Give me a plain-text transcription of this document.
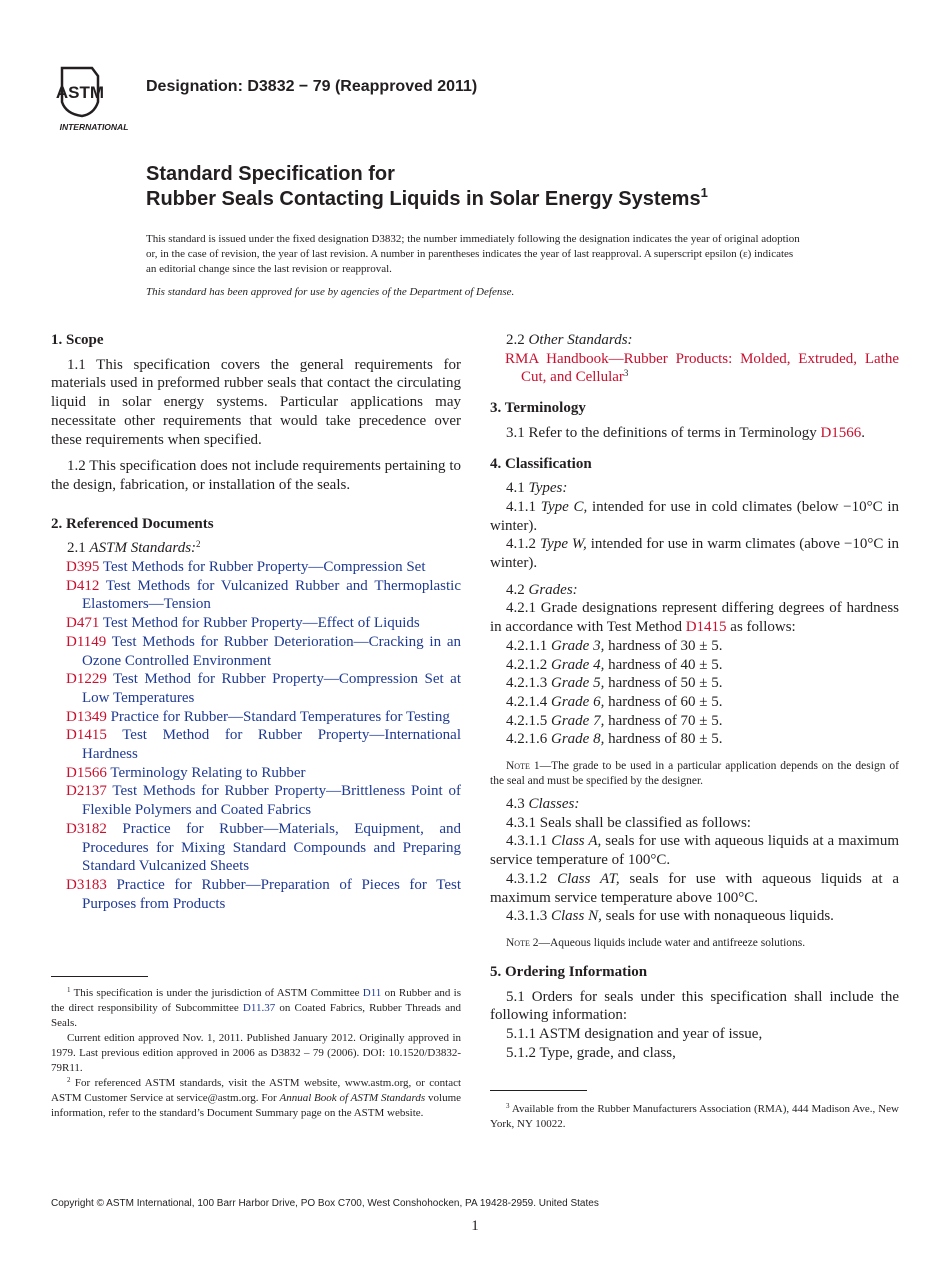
ASTM
INTERNATIONAL
Designation: D3832 − 79 (Reapproved 2011)
Standard Specification for
Rubber Seals Contacting Liquids in Solar Energy Systems$^1$

This standard is issued under the fixed designation D3832; the number immediately following the designation indicates the year of original adoption or, in the case of revision, the year of last revision. A number in parentheses indicates the year of last reapproval. A superscript epsilon (ε) indicates an editorial change since the last revision or reapproval.

This standard has been approved for use by agencies of the Department of Defense.

1. Scope

1.1 This specification covers the general requirements for materials used in preformed rubber seals that contact the circulating liquid in solar energy systems. Particular applications may necessitate other requirements that would take precedence over these requirements when specified.

1.2 This specification does not include requirements pertaining to the design, fabrication, or installation of the seals.

2. Referenced Documents

2.1 ASTM Standards:$^2$

D395 Test Methods for Rubber Property—Compression Set

D412 Test Methods for Vulcanized Rubber and Thermoplastic Elastomers—Tension

D471 Test Method for Rubber Property—Effect of Liquids

D1149 Test Methods for Rubber Deterioration—Cracking in an Ozone Controlled Environment

D1229 Test Method for Rubber Property—Compression Set at Low Temperatures

D1349 Practice for Rubber—Standard Temperatures for Testing

D1415 Test Method for Rubber Property—International Hardness

D1566 Terminology Relating to Rubber

D2137 Test Methods for Rubber Property—Brittleness Point of Flexible Polymers and Coated Fabrics

D3182 Practice for Rubber—Materials, Equipment, and Procedures for Mixing Standard Compounds and Preparing Standard Vulcanized Sheets

D3183 Practice for Rubber—Preparation of Pieces for Test Purposes from Products

2.2 Other Standards:

RMA Handbook—Rubber Products: Molded, Extruded, Lathe Cut, and Cellular$^3$

3. Terminology

3.1 Refer to the definitions of terms in Terminology D1566.

4. Classification

4.1 Types:

4.1.1 Type C, intended for use in cold climates (below −10°C in winter).

4.1.2 Type W, intended for use in warm climates (above −10°C in winter).

4.2 Grades:

4.2.1 Grade designations represent differing degrees of hardness in accordance with Test Method D1415 as follows:

4.2.1.1 Grade 3, hardness of 30 ± 5.

4.2.1.2 Grade 4, hardness of 40 ± 5.

4.2.1.3 Grade 5, hardness of 50 ± 5.

4.2.1.4 Grade 6, hardness of 60 ± 5.

4.2.1.5 Grade 7, hardness of 70 ± 5.

4.2.1.6 Grade 8, hardness of 80 ± 5.

Note 1—The grade to be used in a particular application depends on the design of the seal and must be specified by the designer.

4.3 Classes:

4.3.1 Seals shall be classified as follows:

4.3.1.1 Class A, seals for use with aqueous liquids at a maximum service temperature of 100°C.

4.3.1.2 Class AT, seals for use with aqueous liquids at a maximum service temperature above 100°C.

4.3.1.3 Class N, seals for use with nonaqueous liquids.

Note 2—Aqueous liquids include water and antifreeze solutions.

5. Ordering Information

5.1 Orders for seals under this specification shall include the following information:

5.1.1 ASTM designation and year of issue,

5.1.2 Type, grade, and class,

$^1$ This specification is under the jurisdiction of ASTM Committee D11 on Rubber and is the direct responsibility of Subcommittee D11.37 on Coated Fabrics, Rubber Threads and Seals.

Current edition approved Nov. 1, 2011. Published January 2012. Originally approved in 1979. Last previous edition approved in 2006 as D3832 – 79 (2006). DOI: 10.1520/D3832-79R11.

$^2$ For referenced ASTM standards, visit the ASTM website, www.astm.org, or contact ASTM Customer Service at service@astm.org. For Annual Book of ASTM Standards volume information, refer to the standard’s Document Summary page on the ASTM website.

$^3$ Available from the Rubber Manufacturers Association (RMA), 444 Madison Ave., New York, NY 10022.

Copyright © ASTM International, 100 Barr Harbor Drive, PO Box C700, West Conshohocken, PA 19428-2959. United States
1
